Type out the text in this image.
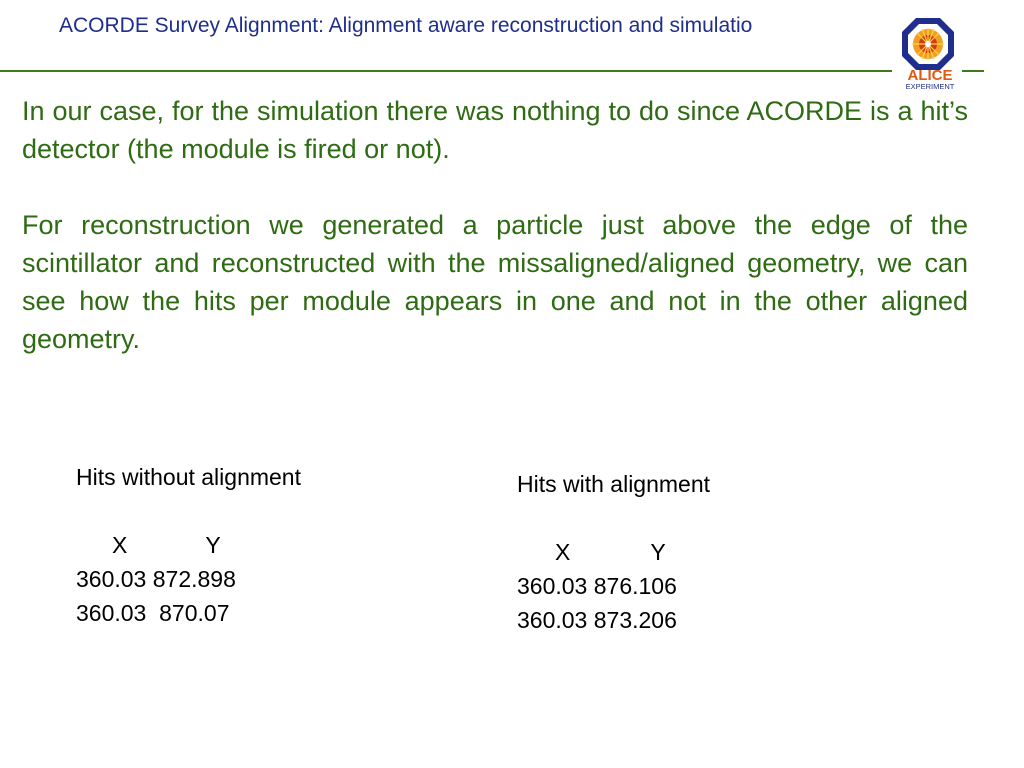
ACORDE Survey Alignment: Alignment aware reconstruction and simulatio
ALICE
EXPERIMENT

In our case, for the simulation there was nothing to do since ACORDE is a hit’s detector (the module is fired or not).

For reconstruction we generated a particle just above the edge of the scintillator and reconstructed with the missaligned/aligned geometry, we can see how the hits per module appears in one and not in the other aligned geometry.

Hits without alignment
X	Y
360.03 872.898
360.03 870.07
Hits with alignment
X	Y
360.03 876.106
360.03 873.206
